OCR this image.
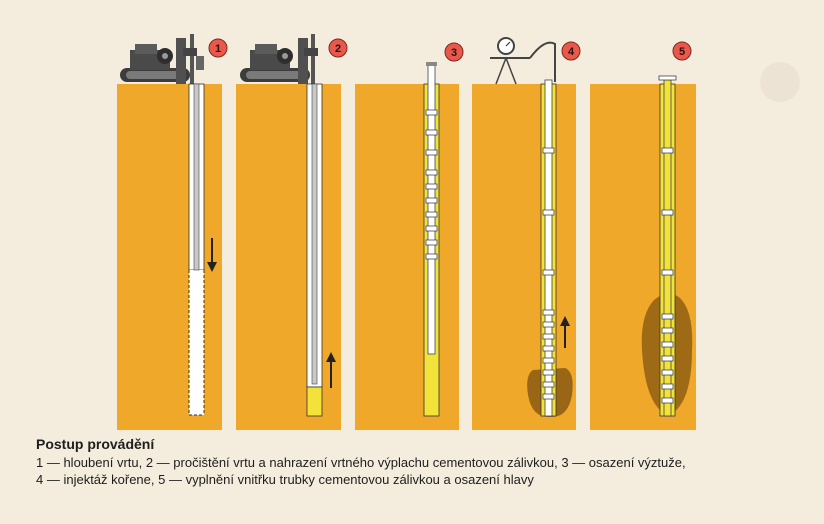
1	2	3	4	5
Postup provádění
1 — hloubení vrtu, 2 — pročištění vrtu a nahrazení vrtného výplachu cementovou zálivkou, 3 — osazení výztuže,
4 — injektáž kořene, 5 — vyplnění vnitřku trubky cementovou zálivkou a osazení hlavy
